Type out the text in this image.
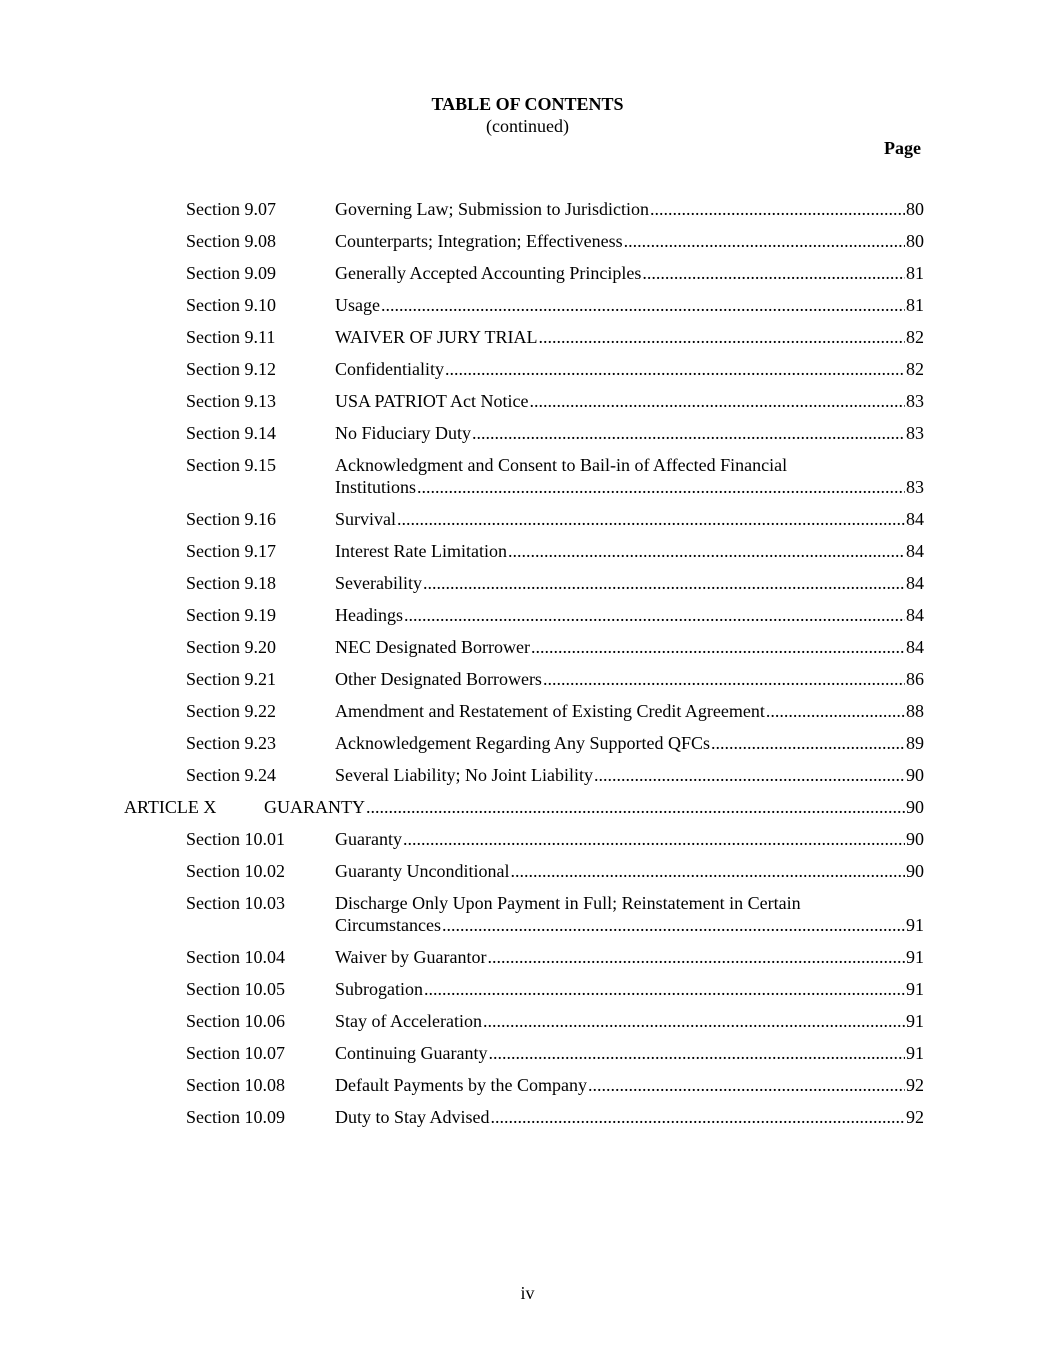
TABLE OF CONTENTS
(continued)
Page
Section 9.07	Governing Law; Submission to Jurisdiction .....	80
Section 9.08	Counterparts; Integration; Effectiveness .....	80
Section 9.09	Generally Accepted Accounting Principles .....	81
Section 9.10	Usage .....	81
Section 9.11	WAIVER OF JURY TRIAL .....	82
Section 9.12	Confidentiality .....	82
Section 9.13	USA PATRIOT Act Notice .....	83
Section 9.14	No Fiduciary Duty .....	83
Section 9.15	Acknowledgment and Consent to Bail-in of Affected Financial
Institutions .....	83
Section 9.16	Survival .....	84
Section 9.17	Interest Rate Limitation .....	84
Section 9.18	Severability .....	84
Section 9.19	Headings .....	84
Section 9.20	NEC Designated Borrower .....	84
Section 9.21	Other Designated Borrowers .....	86
Section 9.22	Amendment and Restatement of Existing Credit Agreement .....	88
Section 9.23	Acknowledgement Regarding Any Supported QFCs .....	89
Section 9.24	Several Liability; No Joint Liability .....	90
ARTICLE X	GUARANTY .....	90
Section 10.01	Guaranty .....	90
Section 10.02	Guaranty Unconditional .....	90
Section 10.03	Discharge Only Upon Payment in Full; Reinstatement in Certain
Circumstances .....	91
Section 10.04	Waiver by Guarantor .....	91
Section 10.05	Subrogation .....	91
Section 10.06	Stay of Acceleration .....	91
Section 10.07	Continuing Guaranty .....	91
Section 10.08	Default Payments by the Company .....	92
Section 10.09	Duty to Stay Advised .....	92
iv
